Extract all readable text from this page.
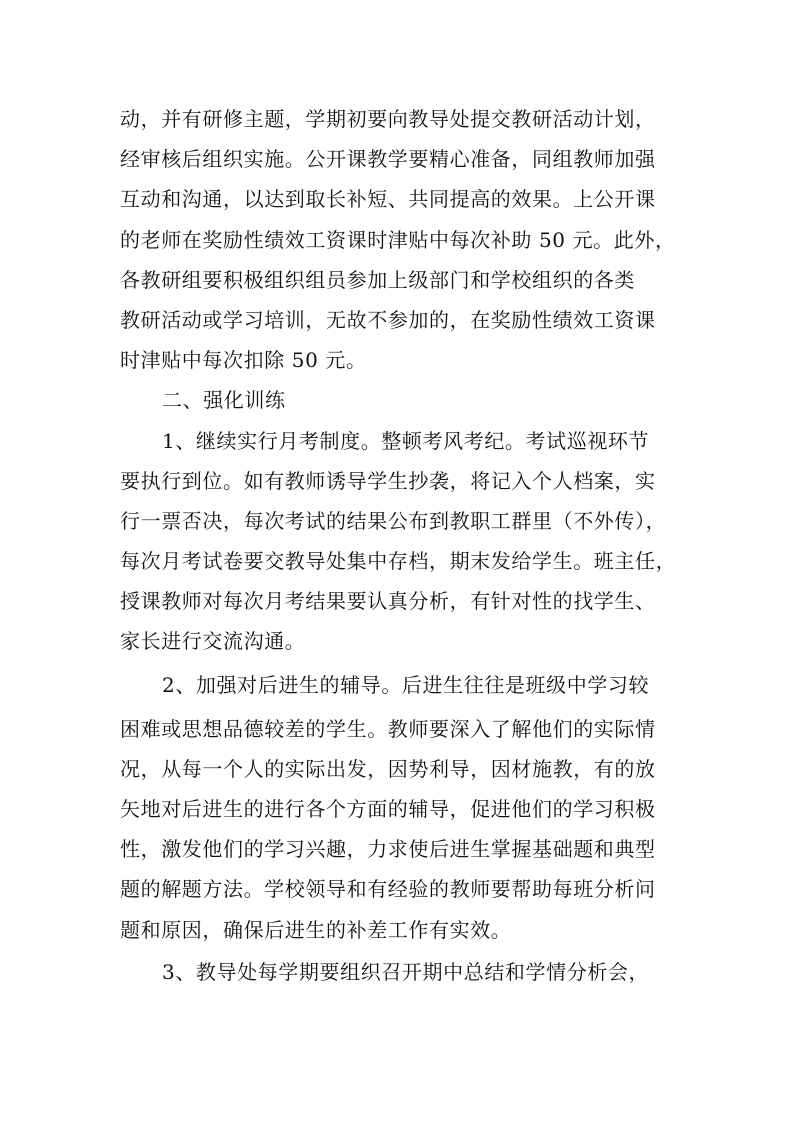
动，并有研修主题，学期初要向教导处提交教研活动计划，
经审核后组织实施。公开课教学要精心准备，同组教师加强
互动和沟通，以达到取长补短、共同提高的效果。上公开课
的老师在奖励性绩效工资课时津贴中每次补助 50 元。此外，
各教研组要积极组织组员参加上级部门和学校组织的各类
教研活动或学习培训，无故不参加的，在奖励性绩效工资课
时津贴中每次扣除 50 元。
二、强化训练
1、继续实行月考制度。整顿考风考纪。考试巡视环节
要执行到位。如有教师诱导学生抄袭，将记入个人档案，实
行一票否决，每次考试的结果公布到教职工群里（不外传），
每次月考试卷要交教导处集中存档，期末发给学生。班主任，
授课教师对每次月考结果要认真分析，有针对性的找学生、
家长进行交流沟通。
2、加强对后进生的辅导。后进生往往是班级中学习较
困难或思想品德较差的学生。教师要深入了解他们的实际情
况，从每一个人的实际出发，因势利导，因材施教，有的放
矢地对后进生的进行各个方面的辅导，促进他们的学习积极
性，激发他们的学习兴趣，力求使后进生掌握基础题和典型
题的解题方法。学校领导和有经验的教师要帮助每班分析问
题和原因，确保后进生的补差工作有实效。
3、教导处每学期要组织召开期中总结和学情分析会，
